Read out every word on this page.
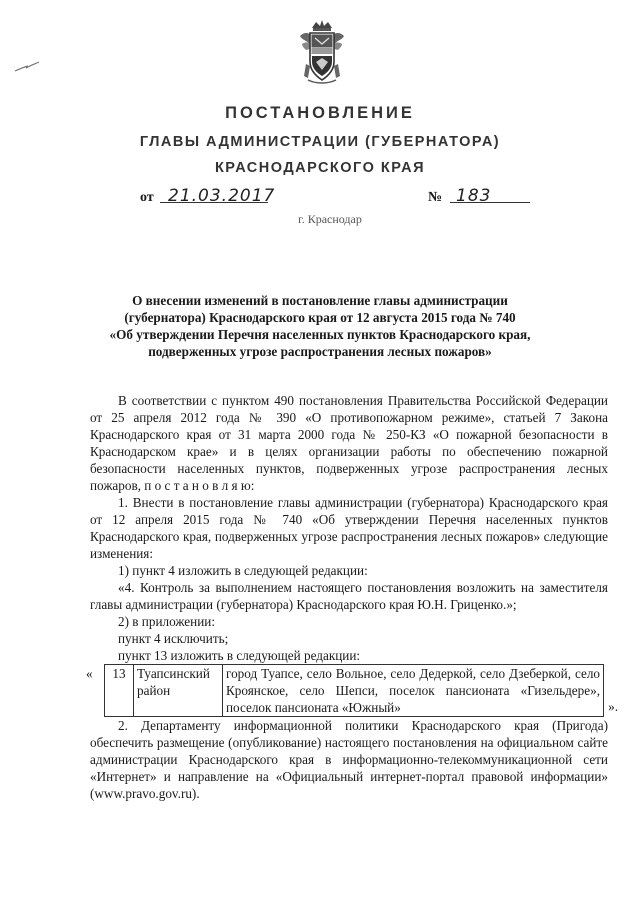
ПОСТАНОВЛЕНИЕ
ГЛАВЫ АДМИНИСТРАЦИИ (ГУБЕРНАТОРА)
КРАСНОДАРСКОГО КРАЯ
от 21.03.2017	№ 183
г. Краснодар
О внесении изменений в постановление главы администрации
(губернатора) Краснодарского края от 12 августа 2015 года № 740
«Об утверждении Перечня населенных пунктов Краснодарского края,
подверженных угрозе распространения лесных пожаров»

В соответствии с пунктом 490 постановления Правительства Российской Федерации от 25 апреля 2012 года № 390 «О противопожарном режиме», статьей 7 Закона Краснодарского края от 31 марта 2000 года № 250-КЗ «О пожарной безопасности в Краснодарском крае» и в целях организации работы по обеспечению пожарной безопасности населенных пунктов, подверженных угрозе распространения лесных пожаров, п о с т а н о в л я ю:

1. Внести в постановление главы администрации (губернатора) Краснодарского края от 12 апреля 2015 года № 740 «Об утверждении Перечня населенных пунктов Краснодарского края, подверженных угрозе распространения лесных пожаров» следующие изменения:

1) пункт 4 изложить в следующей редакции:

«4. Контроль за выполнением настоящего постановления возложить на заместителя главы администрации (губернатора) Краснодарского края Ю.Н. Гриценко.»;

2) в приложении:

пункт 4 исключить;

пункт 13 изложить в следующей редакции:

« 13	Туапсинский район	город Туапсе, село Вольное, село Дедеркой, село Дзеберкой, село Кроянское, село Шепси, поселок пансионата «Гизельдере», поселок пансионата «Южный»	».

2. Департаменту информационной политики Краснодарского края (Пригода) обеспечить размещение (опубликование) настоящего постановления на официальном сайте администрации Краснодарского края в информационно-телекоммуникационной сети «Интернет» и направление на «Официальный интернет-портал правовой информации» (www.pravo.gov.ru).
